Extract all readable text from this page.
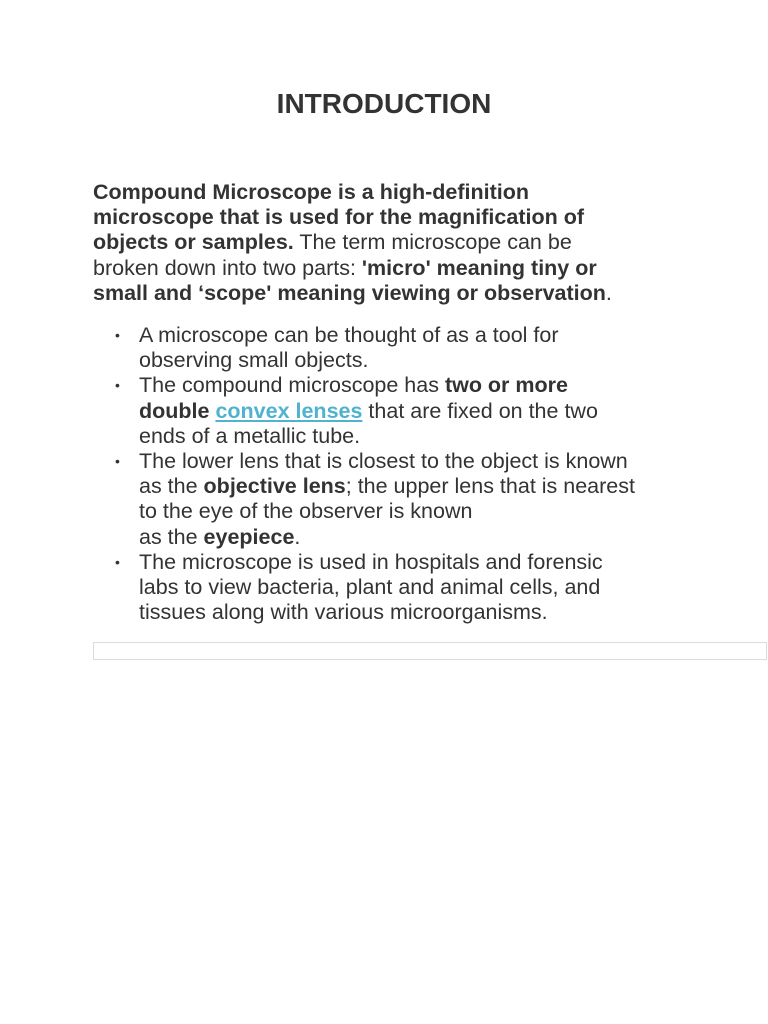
INTRODUCTION

Compound Microscope is a high-definition
microscope that is used for the magnification of
objects or samples. The term microscope can be
broken down into two parts: 'micro' meaning tiny or
small and ‘scope' meaning viewing or observation.

• A microscope can be thought of as a tool for
observing small objects.
• The compound microscope has two or more
double convex lenses that are fixed on the two
ends of a metallic tube.
• The lower lens that is closest to the object is known
as the objective lens; the upper lens that is nearest
to the eye of the observer is known
as the eyepiece.
• The microscope is used in hospitals and forensic
labs to view bacteria, plant and animal cells, and
tissues along with various microorganisms.
